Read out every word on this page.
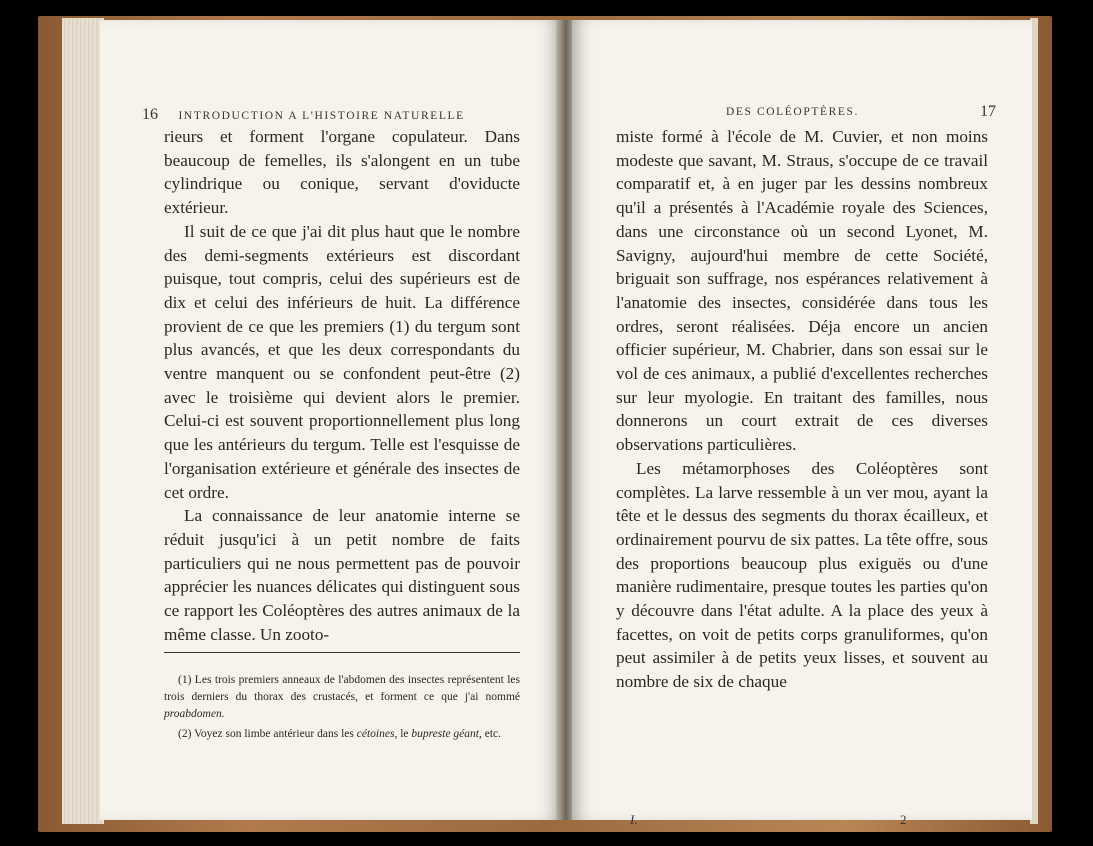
16 INTRODUCTION A L'HISTOIRE NATURELLE

rieurs et forment l'organe copulateur. Dans beaucoup de femelles, ils s'alongent en un tube cylindrique ou conique, servant d'oviducte extérieur.

Il suit de ce que j'ai dit plus haut que le nombre des demi-segments extérieurs est discordant puisque, tout compris, celui des supérieurs est de dix et celui des inférieurs de huit. La différence provient de ce que les premiers (1) du tergum sont plus avancés, et que les deux correspondants du ventre manquent ou se confondent peut-être (2) avec le troisième qui devient alors le premier. Celui-ci est souvent proportionnellement plus long que les antérieurs du tergum. Telle est l'esquisse de l'organisation extérieure et générale des insectes de cet ordre.

La connaissance de leur anatomie interne se réduit jusqu'ici à un petit nombre de faits particuliers qui ne nous permettent pas de pouvoir apprécier les nuances délicates qui distinguent sous ce rapport les Coléoptères des autres animaux de la même classe. Un zooto-

(1) Les trois premiers anneaux de l'abdomen des insectes représentent les trois derniers du thorax des crustacés, et forment ce que j'ai nommé proabdomen.

(2) Voyez son limbe antérieur dans les cétoines, le bupreste géant, etc.

DES COLÉOPTÈRES.	17

miste formé à l'école de M. Cuvier, et non moins modeste que savant, M. Straus, s'occupe de ce travail comparatif et, à en juger par les dessins nombreux qu'il a présentés à l'Académie royale des Sciences, dans une circonstance où un second Lyonet, M. Savigny, aujourd'hui membre de cette Société, briguait son suffrage, nos espérances relativement à l'anatomie des insectes, considérée dans tous les ordres, seront réalisées. Déja encore un ancien officier supérieur, M. Chabrier, dans son essai sur le vol de ces animaux, a publié d'excellentes recherches sur leur myologie. En traitant des familles, nous donnerons un court extrait de ces diverses observations particulières.

Les métamorphoses des Coléoptères sont complètes. La larve ressemble à un ver mou, ayant la tête et le dessus des segments du thorax écailleux, et ordinairement pourvu de six pattes. La tête offre, sous des proportions beaucoup plus exiguës ou d'une manière rudimentaire, presque toutes les parties qu'on y découvre dans l'état adulte. A la place des yeux à facettes, on voit de petits corps granuliformes, qu'on peut assimiler à de petits yeux lisses, et souvent au nombre de six de chaque

I.	2
